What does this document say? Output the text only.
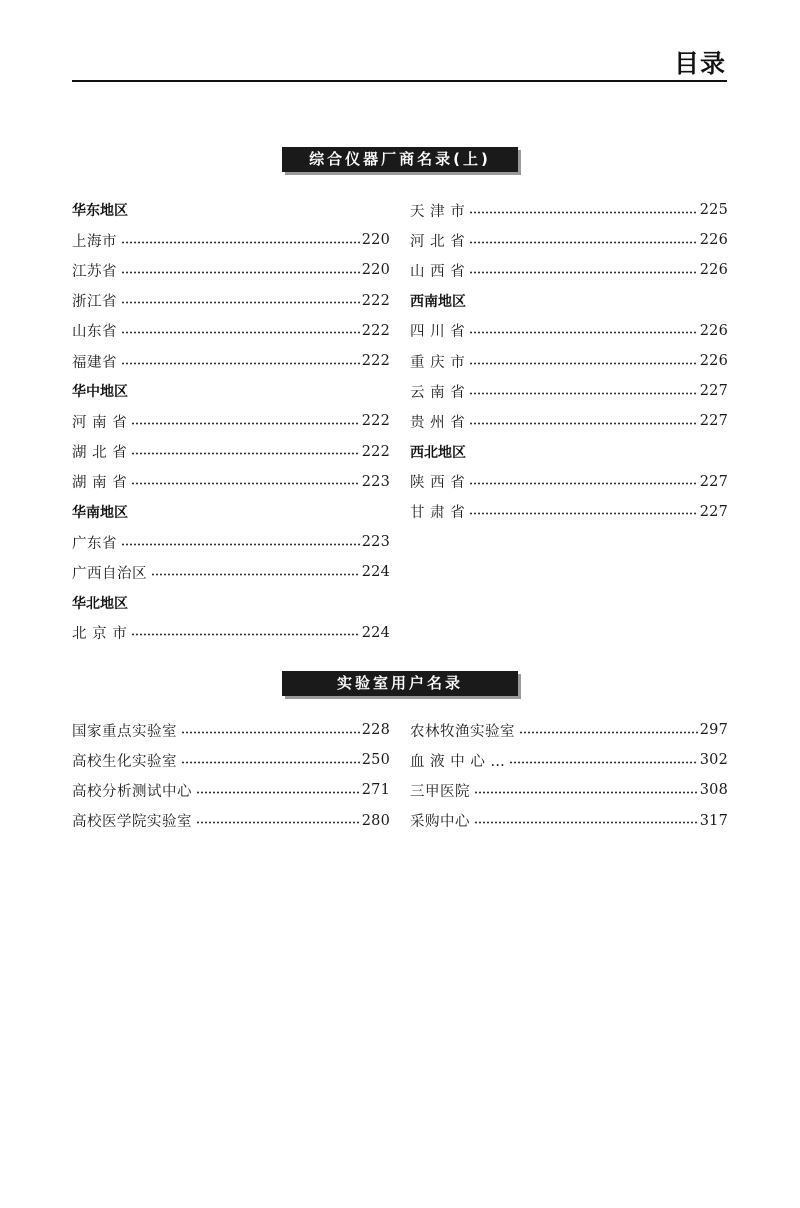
目录
综合仪器厂商名录(上)
华东地区
上海市	220
江苏省	220
浙江省	222
山东省	222
福建省	222
华中地区
河 南 省	222
湖 北 省	222
湖 南 省	223
华南地区
广东省	223
广西自治区	224
华北地区
北 京 市	224
天 津 市	225
河 北 省	226
山 西 省	226
西南地区
四 川 省	226
重 庆 市	226
云 南 省	227
贵 州 省	227
西北地区
陕 西 省	227
甘 肃 省	227
实验室用户名录
国家重点实验室	228
高校生化实验室	250
高校分析测试中心	271
高校医学院实验室	280
农林牧渔实验室	297
血 液 中 心 …	302
三甲医院	308
采购中心	317
